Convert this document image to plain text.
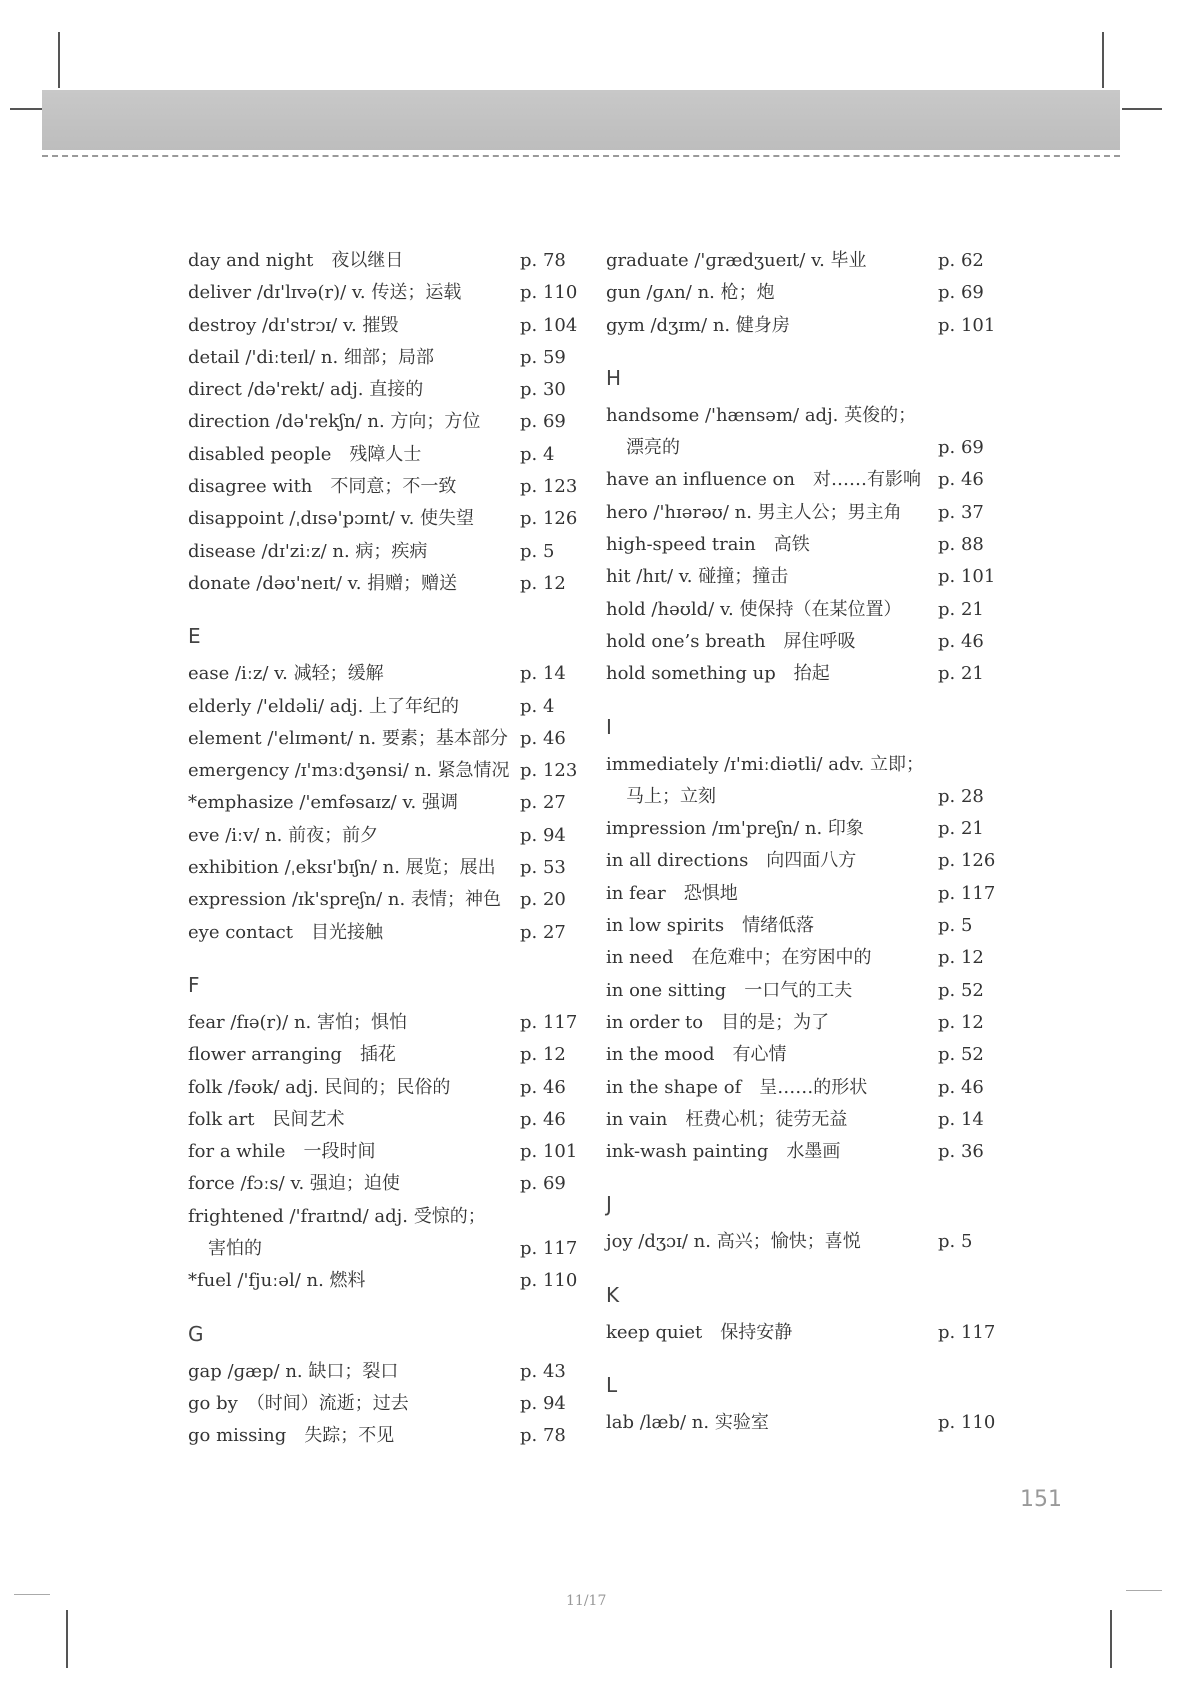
day and night　夜以继日	p. 78
deliver /dɪ'lɪvə(r)/ v. 传送；运载	p. 110
destroy /dɪ'strɔɪ/ v. 摧毁	p. 104
detail /'diːteɪl/ n. 细部；局部	p. 59
direct /də'rekt/ adj. 直接的	p. 30
direction /də'rekʃn/ n. 方向；方位	p. 69
disabled people　残障人士	p. 4
disagree with　不同意；不一致	p. 123
disappoint /ˌdɪsə'pɔɪnt/ v. 使失望	p. 126
disease /dɪ'ziːz/ n. 病；疾病	p. 5
donate /dəʊ'neɪt/ v. 捐赠；赠送	p. 12
E
ease /iːz/ v. 减轻；缓解	p. 14
elderly /'eldəli/ adj. 上了年纪的	p. 4
element /'elɪmənt/ n. 要素；基本部分 p. 46
emergency /ɪ'mɜːdʒənsi/ n. 紧急情况 p. 123
*emphasize /'emfəsaɪz/ v. 强调	p. 27
eve /iːv/ n. 前夜；前夕	p. 94
exhibition /ˌeksɪ'bɪʃn/ n. 展览；展出	p. 53
expression /ɪk'spreʃn/ n. 表情；神色	p. 20
eye contact　目光接触	p. 27
F
fear /fɪə(r)/ n. 害怕；惧怕	p. 117
flower arranging　插花	p. 12
folk /fəʊk/ adj. 民间的；民俗的	p. 46
folk art　民间艺术	p. 46
for a while　一段时间	p. 101
force /fɔːs/ v. 强迫；迫使	p. 69
frightened /'fraɪtnd/ adj. 受惊的；
害怕的	p. 117
*fuel /'fjuːəl/ n. 燃料	p. 110
G
gap /ɡæp/ n. 缺口；裂口	p. 43
go by　（时间）流逝；过去	p. 94
go missing　失踪；不见	p. 78
graduate /'ɡrædʒueɪt/ v. 毕业	p. 62
gun /ɡʌn/ n. 枪；炮	p. 69
gym /dʒɪm/ n. 健身房	p. 101
H
handsome /'hænsəm/ adj. 英俊的；
漂亮的	p. 69
have an influence on　对……有影响 p. 46
hero /'hɪərəʊ/ n. 男主人公；男主角	p. 37
high-speed train　高铁	p. 88
hit /hɪt/ v. 碰撞；撞击	p. 101
hold /həʊld/ v. 使保持（在某位置）	p. 21
hold one’s breath　屏住呼吸	p. 46
hold something up　抬起	p. 21
I
immediately /ɪ'miːdiətli/ adv. 立即；
马上；立刻	p. 28
impression /ɪm'preʃn/ n. 印象	p. 21
in all directions　向四面八方	p. 126
in fear　恐惧地	p. 117
in low spirits　情绪低落	p. 5
in need　在危难中；在穷困中的	p. 12
in one sitting　一口气的工夫	p. 52
in order to　目的是；为了	p. 12
in the mood　有心情	p. 52
in the shape of　呈……的形状	p. 46
in vain　枉费心机；徒劳无益	p. 14
ink-wash painting　水墨画	p. 36
J
joy /dʒɔɪ/ n. 高兴；愉快；喜悦	p. 5
K
keep quiet　保持安静	p. 117
L
lab /læb/ n. 实验室	p. 110
151
11/17
